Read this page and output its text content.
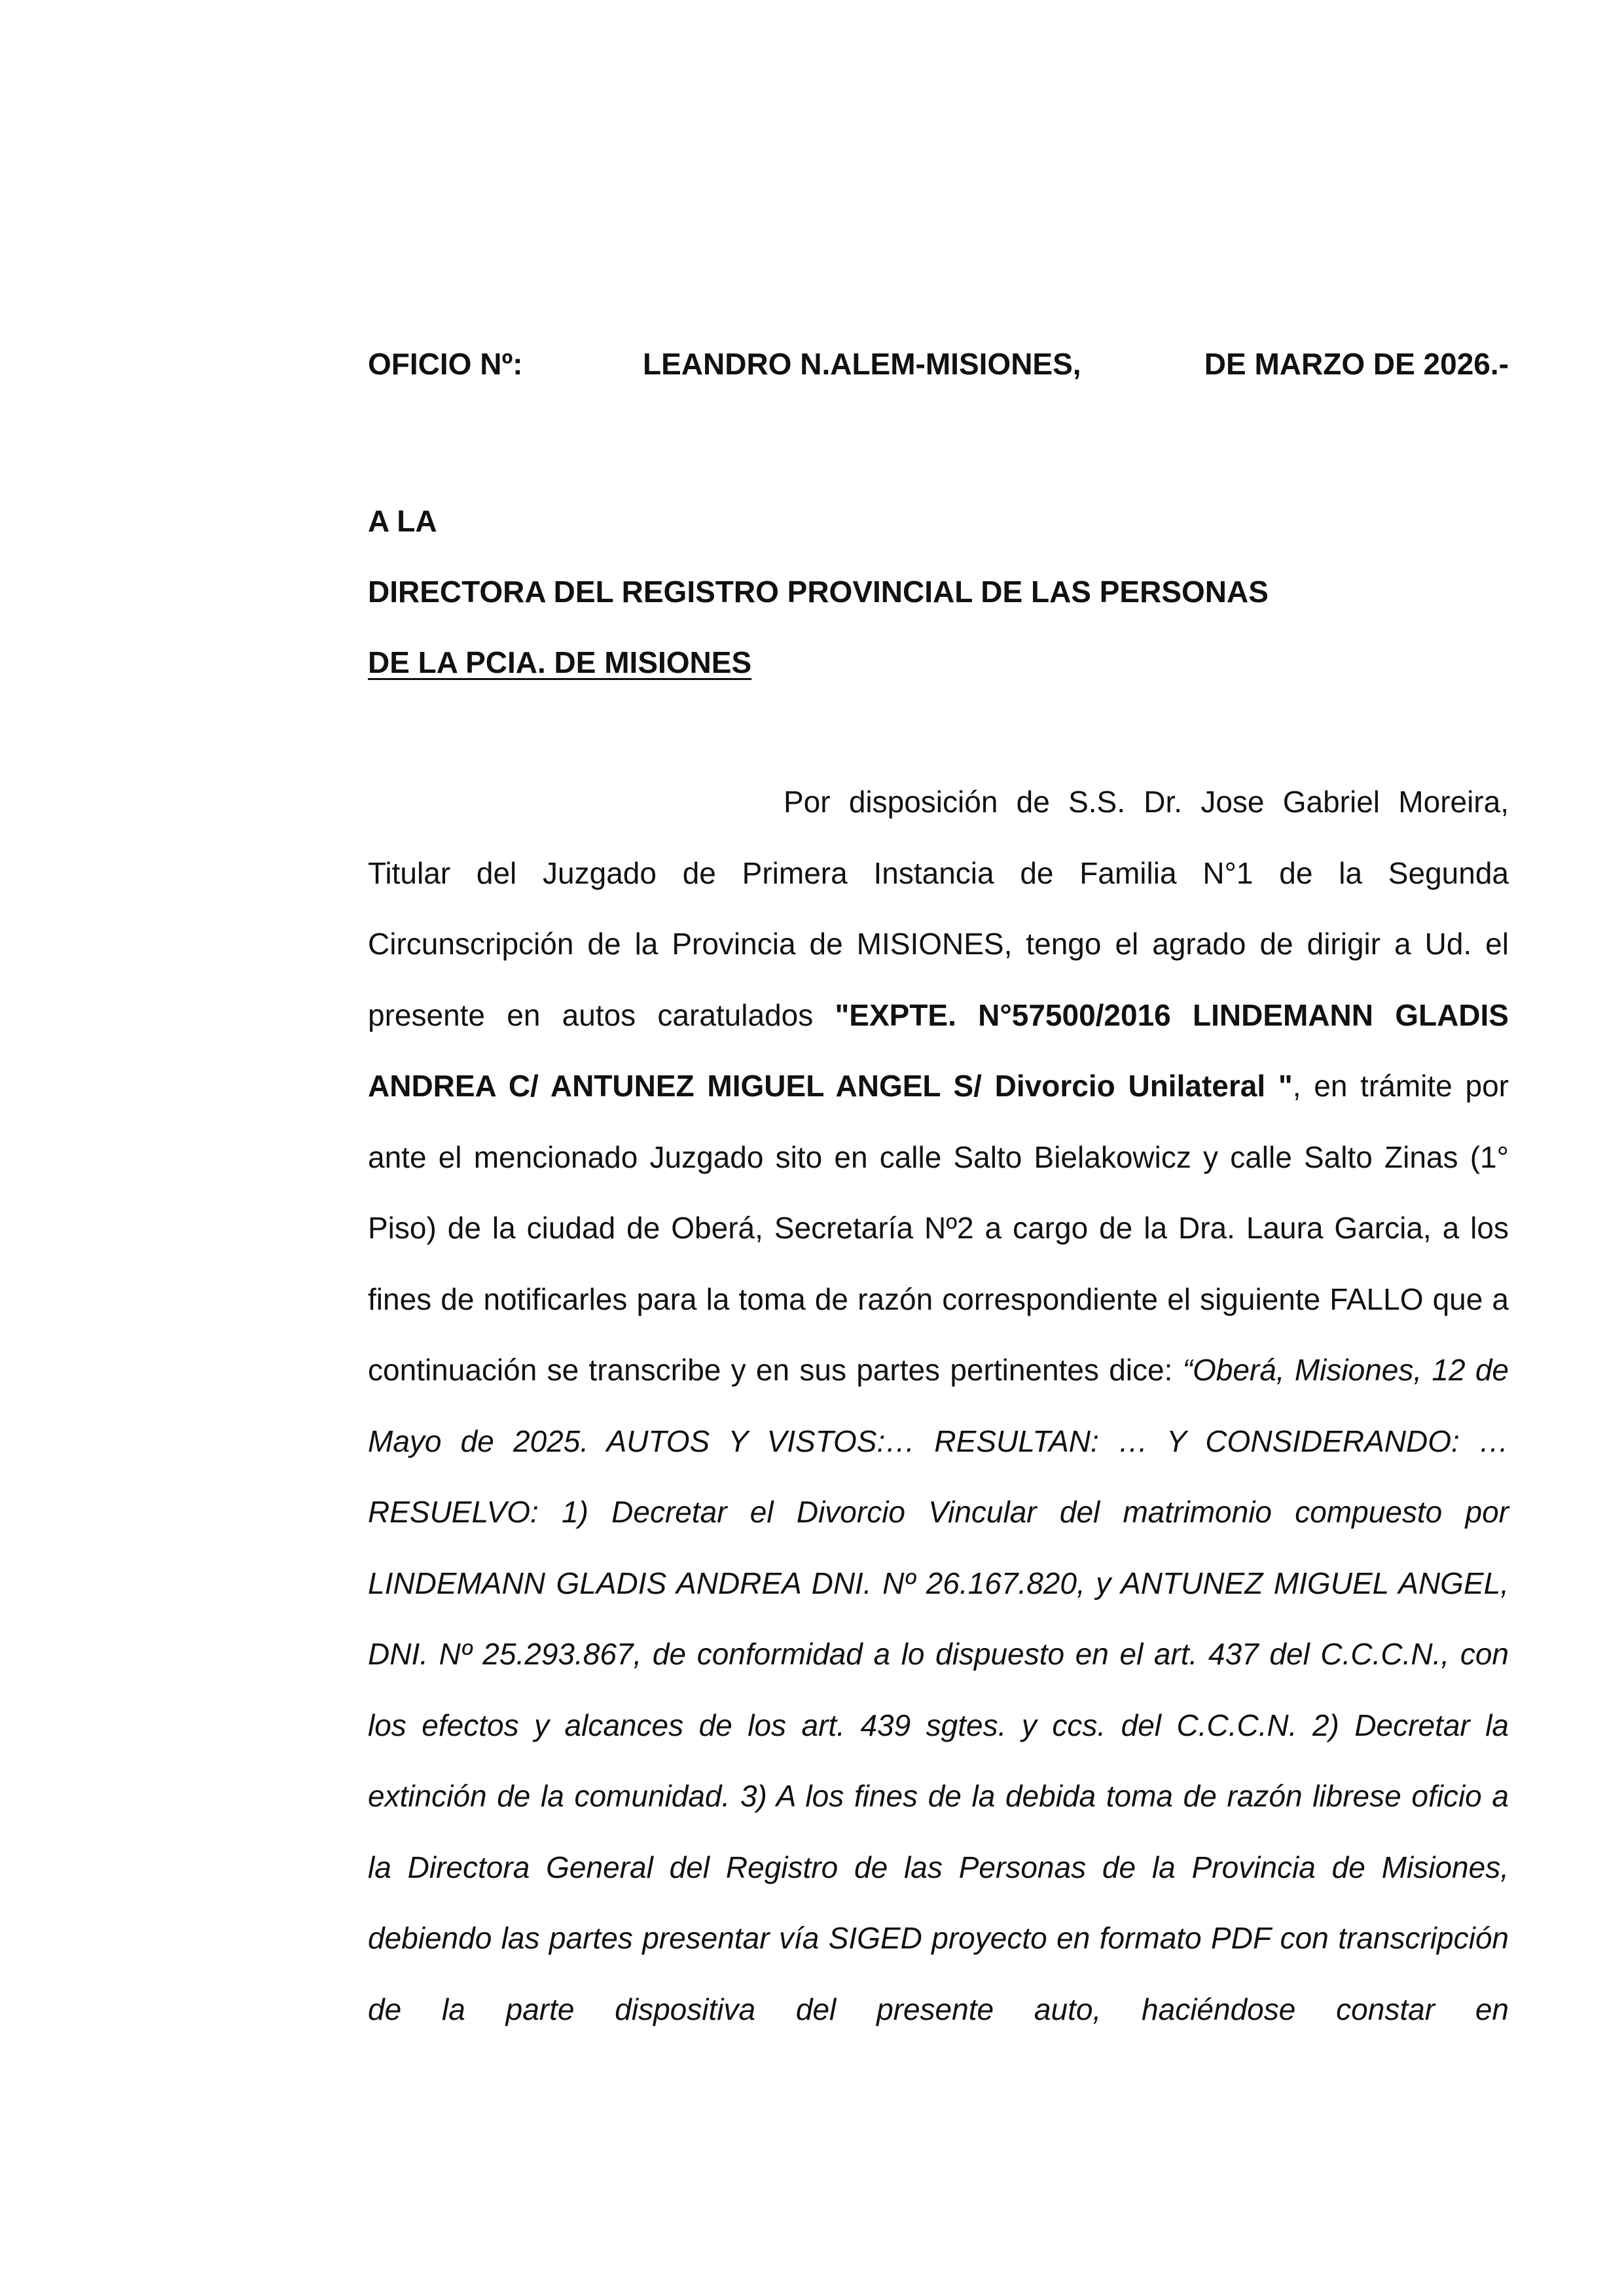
OFICIO Nº:	LEANDRO N.ALEM-MISIONES,	DE MARZO DE 2026.-
A LA
DIRECTORA DEL REGISTRO PROVINCIAL DE LAS PERSONAS
DE LA PCIA. DE MISIONES
Por disposición de S.S. Dr. Jose Gabriel Moreira,
Titular del Juzgado de Primera Instancia de Familia N°1 de la Segunda Circunscripción de la Provincia de MISIONES, tengo el agrado de dirigir a Ud. el presente en autos caratulados "EXPTE. N°57500/2016 LINDEMANN GLADIS ANDREA C/ ANTUNEZ MIGUEL ANGEL S/ Divorcio Unilateral ", en trámite por ante el mencionado Juzgado sito en calle Salto Bielakowicz y calle Salto Zinas (1° Piso) de la ciudad de Oberá, Secretaría Nº2 a cargo de la Dra. Laura Garcia, a los fines de notificarles para la toma de razón correspondiente el siguiente FALLO que a continuación se transcribe y en sus partes pertinentes dice: “Oberá, Misiones, 12 de Mayo de 2025. AUTOS Y VISTOS:… RESULTAN: … Y CONSIDERANDO: … RESUELVO: 1) Decretar el Divorcio Vincular del matrimonio compuesto por LINDEMANN GLADIS ANDREA DNI. Nº 26.167.820, y ANTUNEZ MIGUEL ANGEL, DNI. Nº 25.293.867, de conformidad a lo dispuesto en el art. 437 del C.C.C.N., con los efectos y alcances de los art. 439 sgtes. y ccs. del C.C.C.N. 2) Decretar la extinción de la comunidad. 3) A los fines de la debida toma de razón librese oficio a la Directora General del Registro de las Personas de la Provincia de Misiones, debiendo las partes presentar vía SIGED proyecto en formato PDF con transcripción de la parte dispositiva del presente auto, haciéndose constar en
